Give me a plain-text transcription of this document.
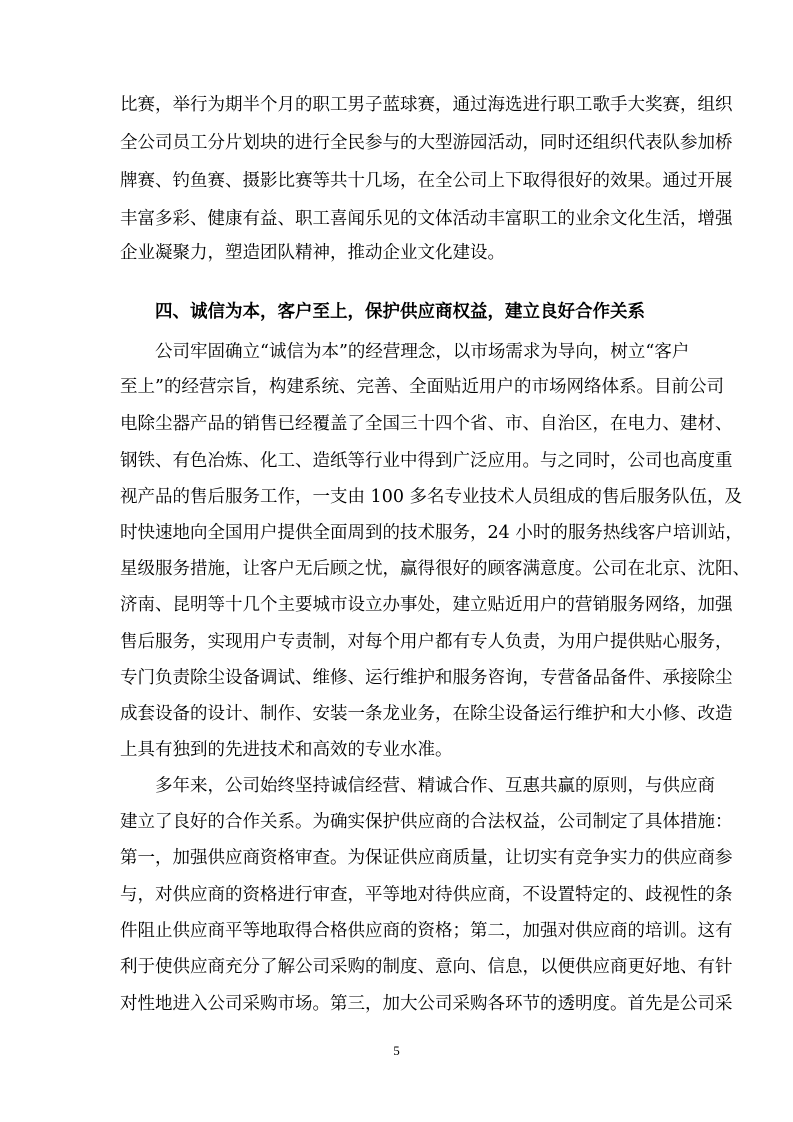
比赛，举行为期半个月的职工男子蓝球赛，通过海选进行职工歌手大奖赛，组织
全公司员工分片划块的进行全民参与的大型游园活动，同时还组织代表队参加桥
牌赛、钓鱼赛、摄影比赛等共十几场，在全公司上下取得很好的效果。通过开展
丰富多彩、健康有益、职工喜闻乐见的文体活动丰富职工的业余文化生活，增强
企业凝聚力，塑造团队精神，推动企业文化建设。
四、诚信为本，客户至上，保护供应商权益，建立良好合作关系
公司牢固确立“诚信为本”的经营理念，以市场需求为导向，树立“客户
至上”的经营宗旨，构建系统、完善、全面贴近用户的市场网络体系。目前公司
电除尘器产品的销售已经覆盖了全国三十四个省、市、自治区，在电力、建材、
钢铁、有色冶炼、化工、造纸等行业中得到广泛应用。与之同时，公司也高度重
视产品的售后服务工作，一支由 100 多名专业技术人员组成的售后服务队伍，及
时快速地向全国用户提供全面周到的技术服务，24 小时的服务热线客户培训站，
星级服务措施，让客户无后顾之忧，赢得很好的顾客满意度。公司在北京、沈阳、
济南、昆明等十几个主要城市设立办事处，建立贴近用户的营销服务网络，加强
售后服务，实现用户专责制，对每个用户都有专人负责，为用户提供贴心服务，
专门负责除尘设备调试、维修、运行维护和服务咨询，专营备品备件、承接除尘
成套设备的设计、制作、安装一条龙业务，在除尘设备运行维护和大小修、改造
上具有独到的先进技术和高效的专业水准。
多年来，公司始终坚持诚信经营、精诚合作、互惠共赢的原则，与供应商
建立了良好的合作关系。为确实保护供应商的合法权益，公司制定了具体措施：
第一，加强供应商资格审查。为保证供应商质量，让切实有竞争实力的供应商参
与，对供应商的资格进行审查，平等地对待供应商，不设置特定的、歧视性的条
件阻止供应商平等地取得合格供应商的资格；第二，加强对供应商的培训。这有
利于使供应商充分了解公司采购的制度、意向、信息，以便供应商更好地、有针
对性地进入公司采购市场。第三，加大公司采购各环节的透明度。首先是公司采
5
